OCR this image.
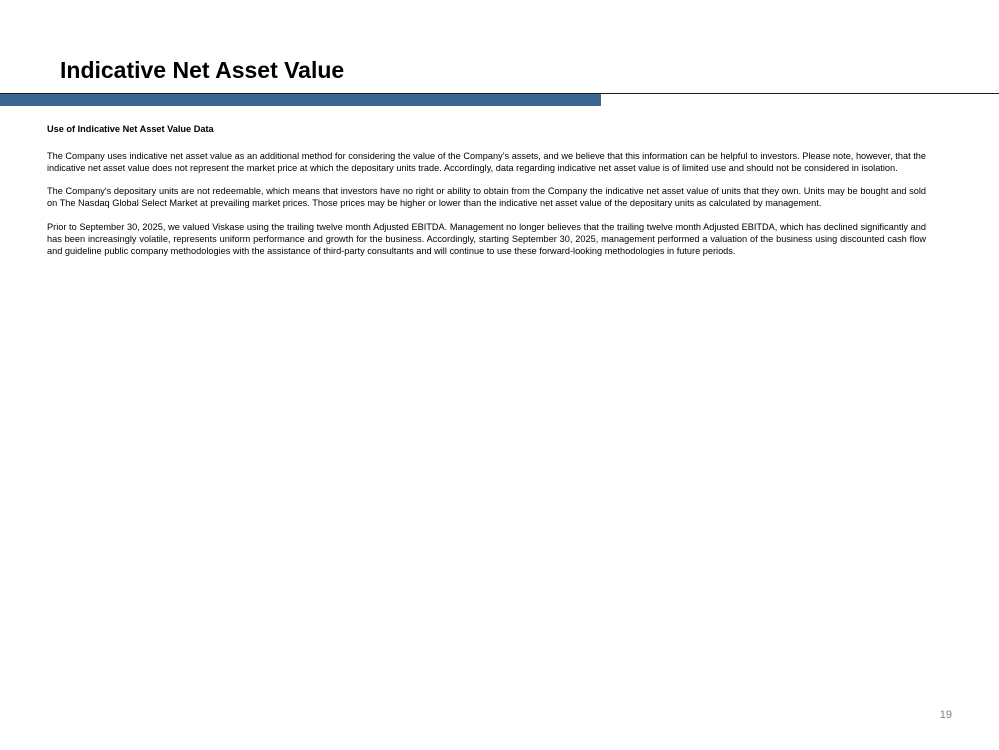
Indicative Net Asset Value

Use of Indicative Net Asset Value Data

The Company uses indicative net asset value as an additional method for considering the value of the Company’s assets, and we believe that this information can be helpful to investors. Please note, however, that the indicative net asset value does not represent the market price at which the depositary units trade. Accordingly, data regarding indicative net asset value is of limited use and should not be considered in isolation.

The Company's depositary units are not redeemable, which means that investors have no right or ability to obtain from the Company the indicative net asset value of units that they own. Units may be bought and sold on The Nasdaq Global Select Market at prevailing market prices. Those prices may be higher or lower than the indicative net asset value of the depositary units as calculated by management.

Prior to September 30, 2025, we valued Viskase using the trailing twelve month Adjusted EBITDA. Management no longer believes that the trailing twelve month Adjusted EBITDA, which has declined significantly and has been increasingly volatile, represents uniform performance and growth for the business. Accordingly, starting September 30, 2025, management performed a valuation of the business using discounted cash flow and guideline public company methodologies with the assistance of third-party consultants and will continue to use these forward-looking methodologies in future periods.

19
